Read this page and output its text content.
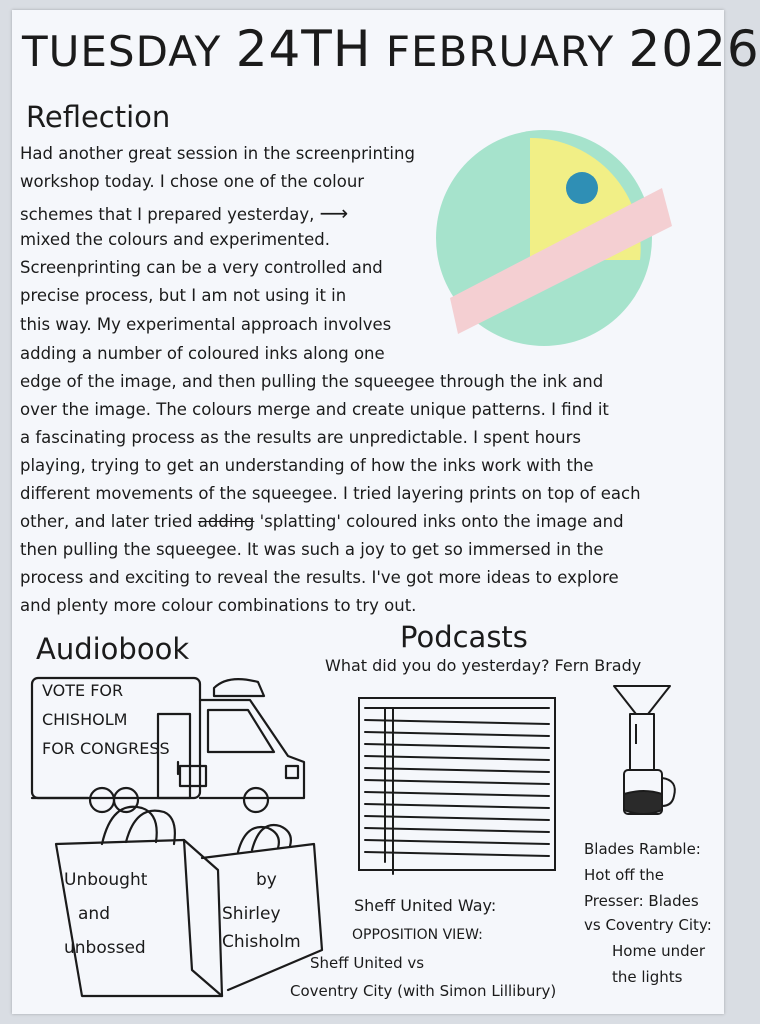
TUESDAY 24TH FEBRUARY 2026
Reflection
Had another great session in the screenprinting
workshop today. I chose one of the colour
schemes that I prepared yesterday, ⟶
mixed the colours and experimented.
Screenprinting can be a very controlled and
precise process, but I am not using it in
this way. My experimental approach involves
adding a number of coloured inks along one
edge of the image, and then pulling the squeegee through the ink and
over the image. The colours merge and create unique patterns. I find it
a fascinating process as the results are unpredictable. I spent hours
playing, trying to get an understanding of how the inks work with the
different movements of the squeegee. I tried layering prints on top of each
other, and later tried adding 'splatting' coloured inks onto the image and
then pulling the squeegee. It was such a joy to get so immersed in the
process and exciting to reveal the results. I've got more ideas to explore
and plenty more colour combinations to try out.
Audiobook
VOTE FOR
CHISHOLM
FOR CONGRESS
Unbought
and
unbossed
by
Shirley
Chisholm
Podcasts
What did you do yesterday? Fern Brady
Sheff United Way:
OPPOSITION VIEW:
Sheff United vs
Coventry City (with Simon Lillibury)
Blades Ramble:
Hot off the
Presser: Blades
vs Coventry City:
Home under
the lights
